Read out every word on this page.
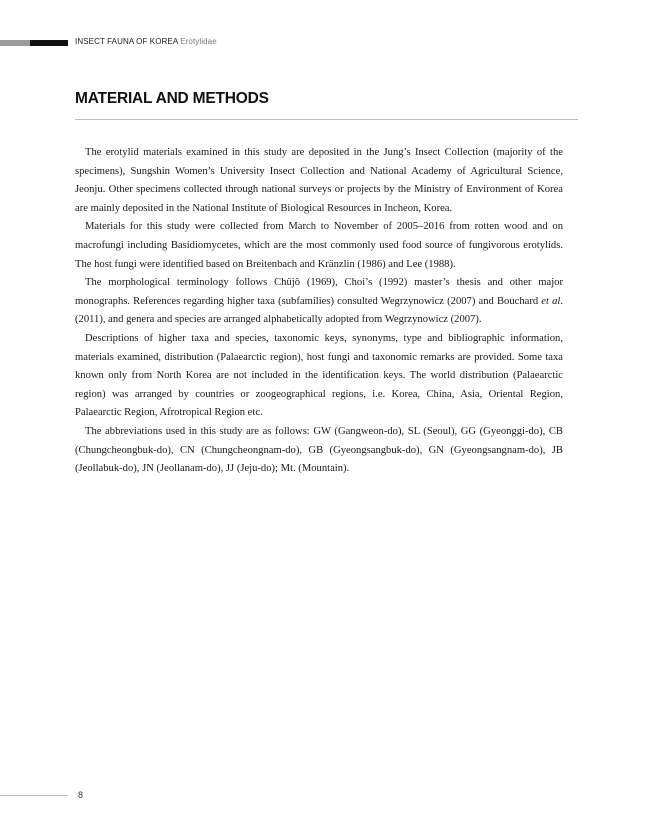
INSECT FAUNA OF KOREA Erotylidae
MATERIAL AND METHODS

The erotylid materials examined in this study are deposited in the Jung’s Insect Collection (majority of the specimens), Sungshin Women’s University Insect Collection and National Academy of Agricultural Science, Jeonju. Other specimens collected through national surveys or projects by the Ministry of Environment of Korea are mainly deposited in the National Institute of Biological Resources in Incheon, Korea.

Materials for this study were collected from March to November of 2005–2016 from rotten wood and on macrofungi including Basidiomycetes, which are the most commonly used food source of fungivorous erotylids. The host fungi were identified based on Breitenbach and Kränzlin (1986) and Lee (1988).

The morphological terminology follows Chûjô (1969), Choi’s (1992) master’s thesis and other major monographs. References regarding higher taxa (subfamilies) consulted Wegrzynowicz (2007) and Bouchard et al. (2011), and genera and species are arranged alphabetically adopted from Wegrzynowicz (2007).

Descriptions of higher taxa and species, taxonomic keys, synonyms, type and bibliographic information, materials examined, distribution (Palaearctic region), host fungi and taxonomic remarks are provided. Some taxa known only from North Korea are not included in the identification keys. The world distribution (Palaearctic region) was arranged by countries or zoogeographical regions, i.e. Korea, China, Asia, Oriental Region, Palaearctic Region, Afrotropical Region etc.

The abbreviations used in this study are as follows: GW (Gangweon-do), SL (Seoul), GG (Gyeonggi-do), CB (Chungcheongbuk-do), CN (Chungcheongnam-do), GB (Gyeongsangbuk-do), GN (Gyeongsangnam-do), JB (Jeollabuk-do), JN (Jeollanam-do), JJ (Jeju-do); Mt. (Mountain).

8
